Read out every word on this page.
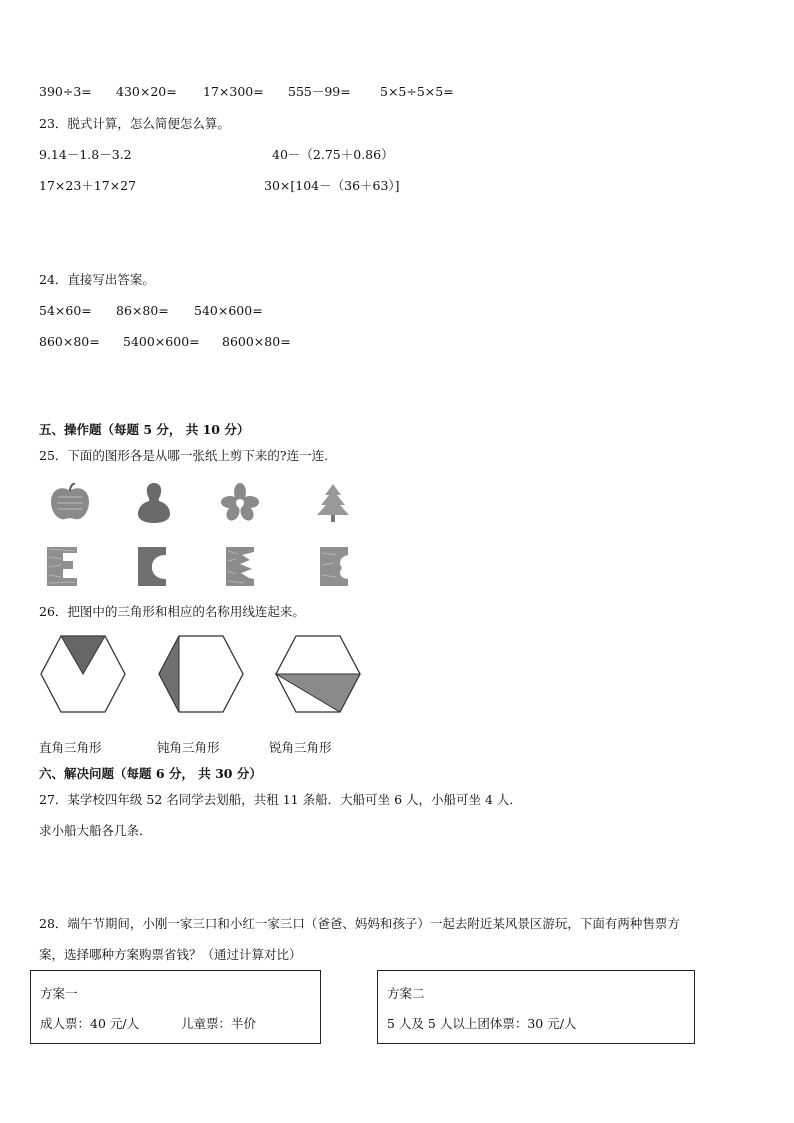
390÷3= 430×20= 17×300= 555－99= 5×5÷5×5=
23．脱式计算，怎么简便怎么算。
9.14－1.8－3.2	40－（2.75＋0.86）
17×23＋17×27	30×[104－（36＋63）]
24．直接写出答案。
54×60= 86×80= 540×600=
860×80= 5400×600= 8600×80=
五、操作题（每题 5 分， 共 10 分）
25．下面的图形各是从哪一张纸上剪下来的?连一连.
26．把图中的三角形和相应的名称用线连起来。
直角三角形	钝角三角形	锐角三角形
六、解决问题（每题 6 分， 共 30 分）
27．某学校四年级 52 名同学去划船，共租 11 条船．大船可坐 6 人，小船可坐 4 人．
求小船大船各几条．
28．端午节期间，小刚一家三口和小红一家三口（爸爸、妈妈和孩子）一起去附近某风景区游玩，下面有两种售票方
案，选择哪种方案购票省钱？（通过计算对比）
方案一
成人票：40 元/人	儿童票：半价
方案二
5 人及 5 人以上团体票：30 元/人
